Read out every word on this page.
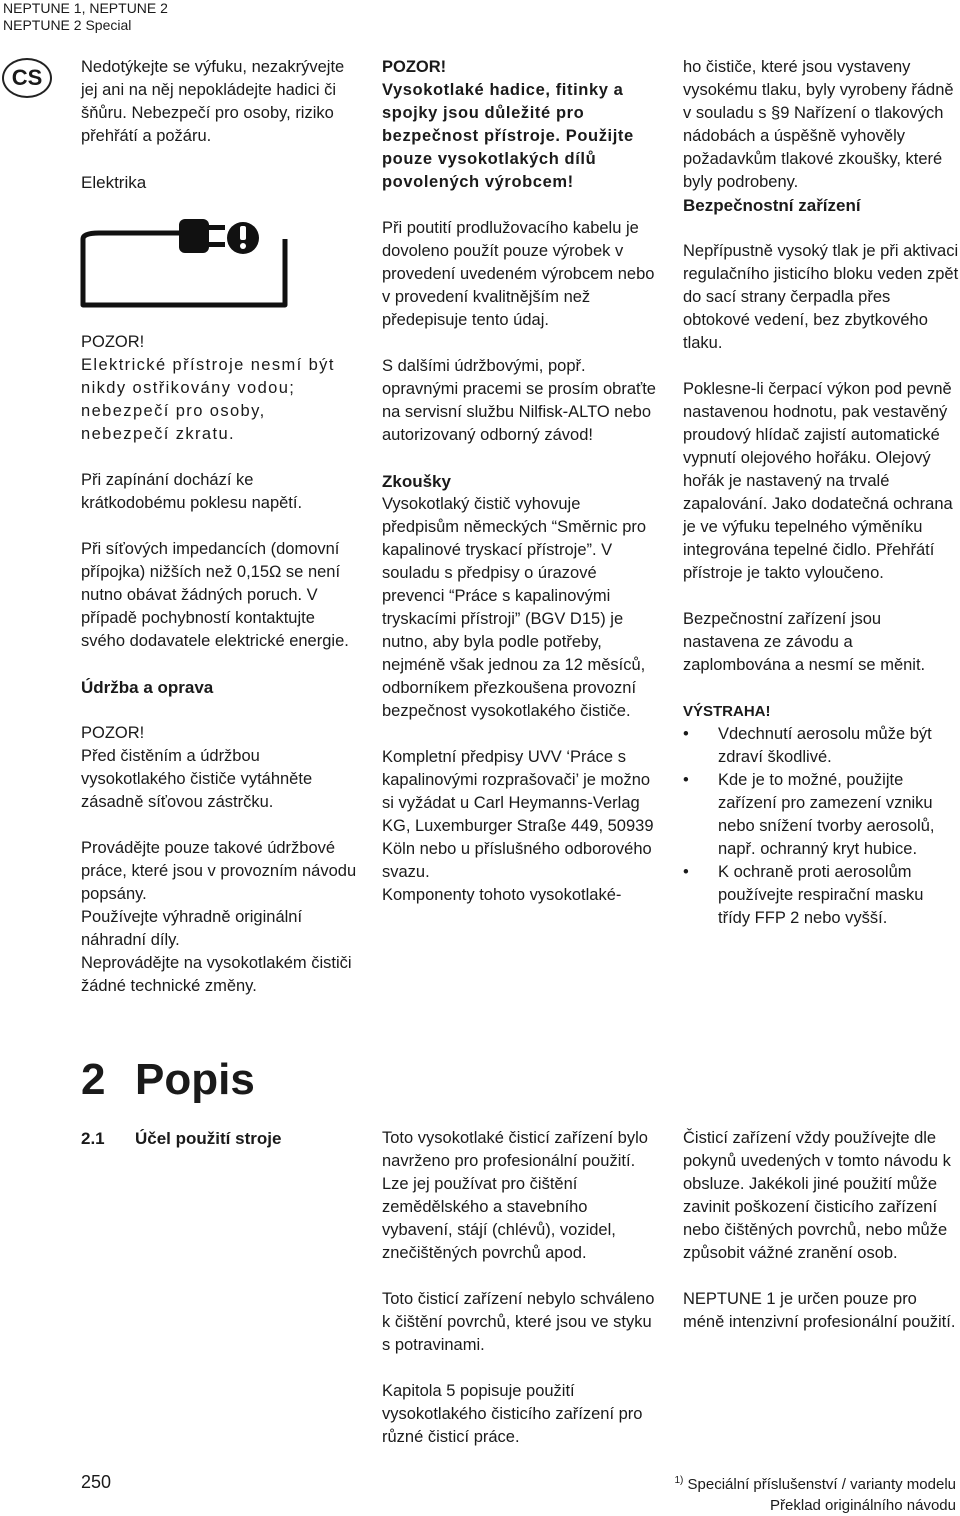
NEPTUNE 1, NEPTUNE 2
NEPTUNE 2 Special
CS	Nedotýkejte se výfuku, nezakrývejte jej ani na něj nepokládejte hadici či šňůru. Nebezpečí pro osoby, riziko přehřátí a požáru.

Elektrika

POZOR!

Elektrické přístroje nesmí být nikdy ostřikovány vodou; nebezpečí pro osoby, nebezpečí zkratu.

Při zapínání dochází ke krátkodobému poklesu napětí.

Při síťových impedancích (domovní přípojka) nižších než 0,15Ω se není nutno obávat žádných poruch. V případě pochybností kontaktujte svého dodavatele elektrické energie.

Údržba a oprava

POZOR!

Před čistěním a údržbou vysokotlakého čističe vytáhněte zásadně síťovou zástrčku.

Provádějte pouze takové údržbové práce, které jsou v provozním návodu popsány.

Používejte výhradně originální náhradní díly.

Neprovádějte na vysokotlakém čističi žádné technické změny.

POZOR!

Vysokotlaké hadice, fitinky a spojky jsou důležité pro bezpečnost přístroje. Použijte pouze vysokotlakých dílů povolených výrobcem!

Při poutití prodlužovacího kabelu je dovoleno použít pouze výrobek v provedení uvedeném výrobcem nebo v provedení kvalitnějším než předepisuje tento údaj.

S dalšími údržbovými, popř. opravnými pracemi se prosím obraťte na servisní službu Nilfisk-ALTO nebo autorizovaný odborný závod!

Zkoušky

Vysokotlaký čistič vyhovuje předpisům německých “Směrnic pro kapalinové tryskací přístroje”. V souladu s předpisy o úrazové prevenci “Práce s kapalinovými tryskacími přístroji” (BGV D15) je nutno, aby byla podle potřeby, nejméně však jednou za 12 měsíců, odborníkem přezkoušena provozní bezpečnost vysokotlakého čističe.

Kompletní předpisy UVV ‘Práce s kapalinovými rozprašovači’ je možno si vyžádat u Carl Heymanns-Verlag KG, Luxemburger Straße 449, 50939 Köln nebo u příslušného odborového svazu.

Komponenty tohoto vysokotlaké-

ho čističe, které jsou vystaveny vysokému tlaku, byly vyrobeny řádně v souladu s §9 Nařízení o tlakových nádobách a úspěšně vyhověly požadavkům tlakové zkoušky, které byly podrobeny.

Bezpečnostní zařízení

Nepřípustně vysoký tlak je při aktivaci regulačního jisticího bloku veden zpět do sací strany čerpadla přes obtokové vedení, bez zbytkového tlaku.

Poklesne-li čerpací výkon pod pevně nastavenou hodnotu, pak vestavěný proudový hlídač zajistí automatické vypnutí olejového hořáku. Olejový hořák je nastavený na trvalé zapalování. Jako dodatečná ochrana je ve výfuku tepelného výměníku integrována tepelné čidlo. Přehřátí přístroje je takto vyloučeno.

Bezpečnostní zařízení jsou nastavena ze závodu a zaplombována a nesmí se měnit.

VÝSTRAHA!

• Vdechnutí aerosolu může být zdraví škodlivé.
• Kde je to možné, použijte zařízení pro zamezení vzniku nebo snížení tvorby aerosolů, např. ochranný kryt hubice.
• K ochraně proti aerosolům používejte respirační masku třídy FFP 2 nebo vyšší.
2 Popis
2.1 Účel použití stroje	Toto vysokotlaké čisticí zařízení bylo navrženo pro profesionální použití. Lze jej používat pro čištění zemědělského a stavebního vybavení, stájí (chlévů), vozidel, znečištěných povrchů apod.

Toto čisticí zařízení nebylo schváleno k čištění povrchů, které jsou ve styku s potravinami.

Kapitola 5 popisuje použití vysokotlakého čisticího zařízení pro různé čisticí práce.

Čisticí zařízení vždy používejte dle pokynů uvedených v tomto návodu k obsluze. Jakékoli jiné použití může zavinit poškození čisticího zařízení nebo čištěných povrchů, nebo může způsobit vážné zranění osob.

NEPTUNE 1 je určen pouze pro méně intenzivní profesionální použití.

250	$^{1)}$ Speciální příslušenství / varianty modelu
Překlad originálního návodu
